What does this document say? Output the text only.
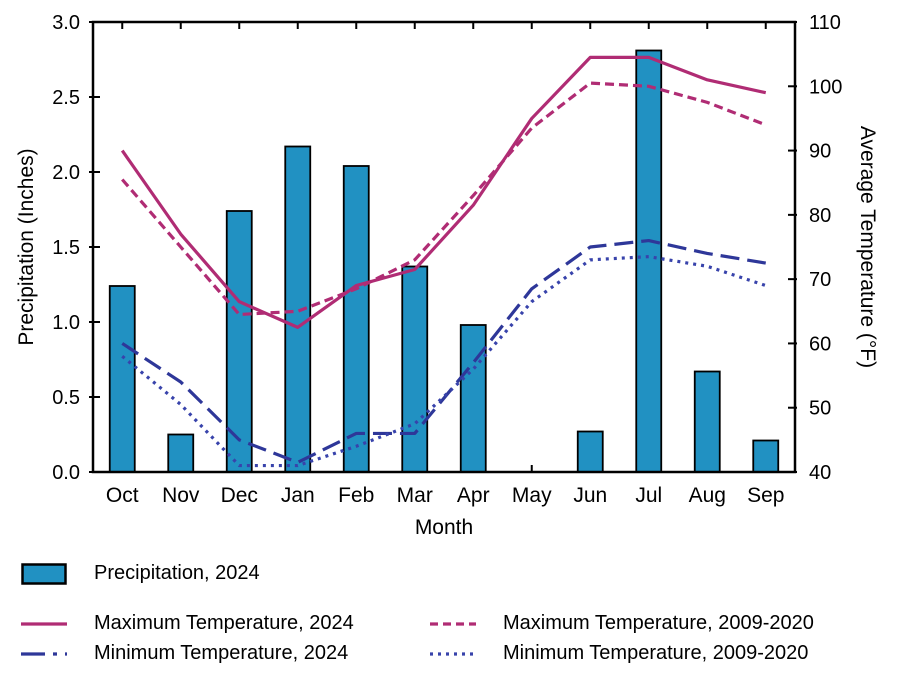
0.0
0.5
1.0
1.5
2.0
2.5
3.0
40
50
60
70
80
90
100
110
Oct Nov Dec Jan Feb Mar Apr May Jun Jul Aug Sep
Month
Precipitation (Inches)	Average Temperature (°F)
Precipitation, 2024
Maximum Temperature, 2024	Maximum Temperature, 2009-2020
Minimum Temperature, 2024	Minimum Temperature, 2009-2020
